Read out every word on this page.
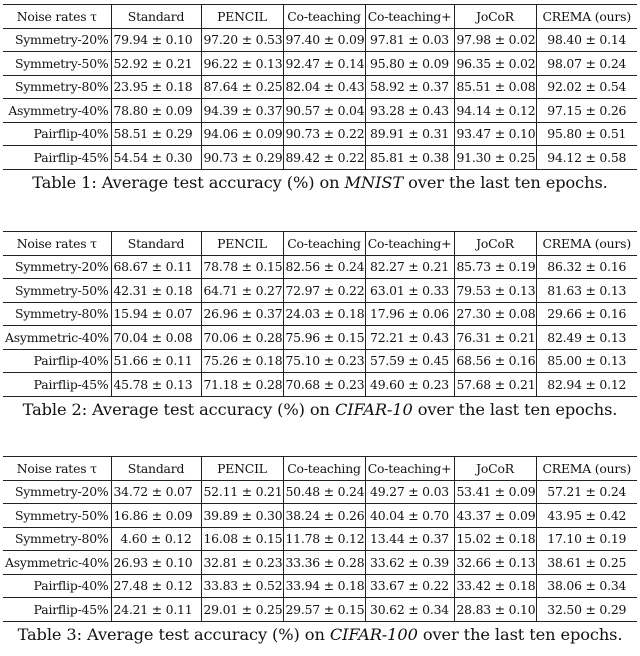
Noise rates τ	Standard	PENCIL	Co-teaching	Co-teaching+	JoCoR	CREMA (ours)
Symmetry-20%	79.94 ± 0.10	97.20 ± 0.53	97.40 ± 0.09	97.81 ± 0.03	97.98 ± 0.02	98.40 ± 0.14
Symmetry-50%	52.92 ± 0.21	96.22 ± 0.13	92.47 ± 0.14	95.80 ± 0.09	96.35 ± 0.02	98.07 ± 0.24
Symmetry-80%	23.95 ± 0.18	87.64 ± 0.25	82.04 ± 0.43	58.92 ± 0.37	85.51 ± 0.08	92.02 ± 0.54
Asymmetry-40%	78.80 ± 0.09	94.39 ± 0.37	90.57 ± 0.04	93.28 ± 0.43	94.14 ± 0.12	97.15 ± 0.26
Pairflip-40%	58.51 ± 0.29	94.06 ± 0.09	90.73 ± 0.22	89.91 ± 0.31	93.47 ± 0.10	95.80 ± 0.51
Pairflip-45%	54.54 ± 0.30	90.73 ± 0.29	89.42 ± 0.22	85.81 ± 0.38	91.30 ± 0.25	94.12 ± 0.58
Table 1: Average test accuracy (%) on MNIST over the last ten epochs.
Noise rates τ	Standard	PENCIL	Co-teaching	Co-teaching+	JoCoR	CREMA (ours)
Symmetry-20%	68.67 ± 0.11	78.78 ± 0.15	82.56 ± 0.24	82.27 ± 0.21	85.73 ± 0.19	86.32 ± 0.16
Symmetry-50%	42.31 ± 0.18	64.71 ± 0.27	72.97 ± 0.22	63.01 ± 0.33	79.53 ± 0.13	81.63 ± 0.13
Symmetry-80%	15.94 ± 0.07	26.96 ± 0.37	24.03 ± 0.18	17.96 ± 0.06	27.30 ± 0.08	29.66 ± 0.16
Asymmetric-40%	70.04 ± 0.08	70.06 ± 0.28	75.96 ± 0.15	72.21 ± 0.43	76.31 ± 0.21	82.49 ± 0.13
Pairflip-40%	51.66 ± 0.11	75.26 ± 0.18	75.10 ± 0.23	57.59 ± 0.45	68.56 ± 0.16	85.00 ± 0.13
Pairflip-45%	45.78 ± 0.13	71.18 ± 0.28	70.68 ± 0.23	49.60 ± 0.23	57.68 ± 0.21	82.94 ± 0.12
Table 2: Average test accuracy (%) on CIFAR-10 over the last ten epochs.
Noise rates τ	Standard	PENCIL	Co-teaching	Co-teaching+	JoCoR	CREMA (ours)
Symmetry-20%	34.72 ± 0.07	52.11 ± 0.21	50.48 ± 0.24	49.27 ± 0.03	53.41 ± 0.09	57.21 ± 0.24
Symmetry-50%	16.86 ± 0.09	39.89 ± 0.30	38.24 ± 0.26	40.04 ± 0.70	43.37 ± 0.09	43.95 ± 0.42
Symmetry-80%	4.60 ± 0.12	16.08 ± 0.15	11.78 ± 0.12	13.44 ± 0.37	15.02 ± 0.18	17.10 ± 0.19
Asymmetric-40%	26.93 ± 0.10	32.81 ± 0.23	33.36 ± 0.28	33.62 ± 0.39	32.66 ± 0.13	38.61 ± 0.25
Pairflip-40%	27.48 ± 0.12	33.83 ± 0.52	33.94 ± 0.18	33.67 ± 0.22	33.42 ± 0.18	38.06 ± 0.34
Pairflip-45%	24.21 ± 0.11	29.01 ± 0.25	29.57 ± 0.15	30.62 ± 0.34	28.83 ± 0.10	32.50 ± 0.29
Table 3: Average test accuracy (%) on CIFAR-100 over the last ten epochs.
